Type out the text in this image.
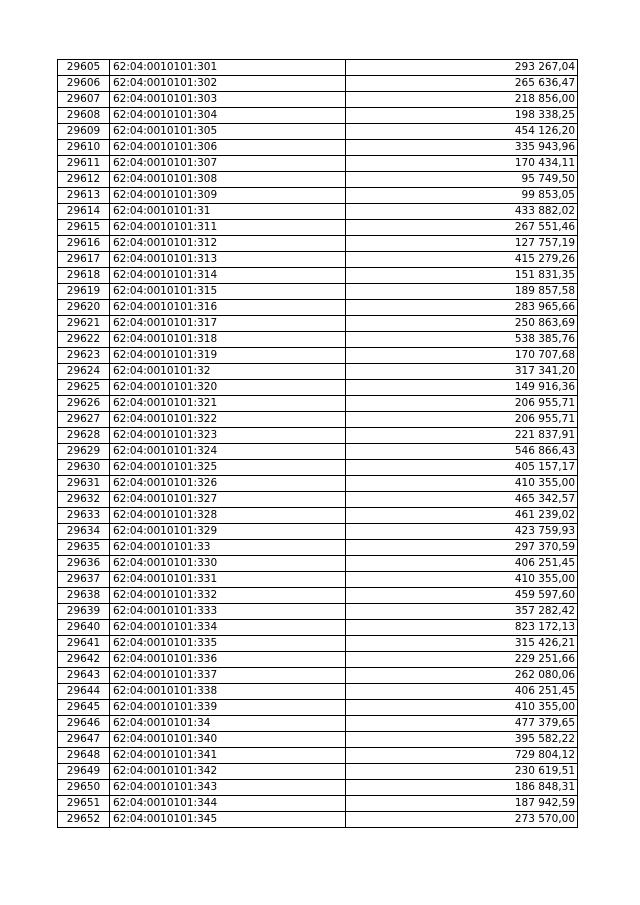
29605	62:04:0010101:301	293 267,04
29606	62:04:0010101:302	265 636,47
29607	62:04:0010101:303	218 856,00
29608	62:04:0010101:304	198 338,25
29609	62:04:0010101:305	454 126,20
29610	62:04:0010101:306	335 943,96
29611	62:04:0010101:307	170 434,11
29612	62:04:0010101:308	95 749,50
29613	62:04:0010101:309	99 853,05
29614	62:04:0010101:31	433 882,02
29615	62:04:0010101:311	267 551,46
29616	62:04:0010101:312	127 757,19
29617	62:04:0010101:313	415 279,26
29618	62:04:0010101:314	151 831,35
29619	62:04:0010101:315	189 857,58
29620	62:04:0010101:316	283 965,66
29621	62:04:0010101:317	250 863,69
29622	62:04:0010101:318	538 385,76
29623	62:04:0010101:319	170 707,68
29624	62:04:0010101:32	317 341,20
29625	62:04:0010101:320	149 916,36
29626	62:04:0010101:321	206 955,71
29627	62:04:0010101:322	206 955,71
29628	62:04:0010101:323	221 837,91
29629	62:04:0010101:324	546 866,43
29630	62:04:0010101:325	405 157,17
29631	62:04:0010101:326	410 355,00
29632	62:04:0010101:327	465 342,57
29633	62:04:0010101:328	461 239,02
29634	62:04:0010101:329	423 759,93
29635	62:04:0010101:33	297 370,59
29636	62:04:0010101:330	406 251,45
29637	62:04:0010101:331	410 355,00
29638	62:04:0010101:332	459 597,60
29639	62:04:0010101:333	357 282,42
29640	62:04:0010101:334	823 172,13
29641	62:04:0010101:335	315 426,21
29642	62:04:0010101:336	229 251,66
29643	62:04:0010101:337	262 080,06
29644	62:04:0010101:338	406 251,45
29645	62:04:0010101:339	410 355,00
29646	62:04:0010101:34	477 379,65
29647	62:04:0010101:340	395 582,22
29648	62:04:0010101:341	729 804,12
29649	62:04:0010101:342	230 619,51
29650	62:04:0010101:343	186 848,31
29651	62:04:0010101:344	187 942,59
29652	62:04:0010101:345	273 570,00
